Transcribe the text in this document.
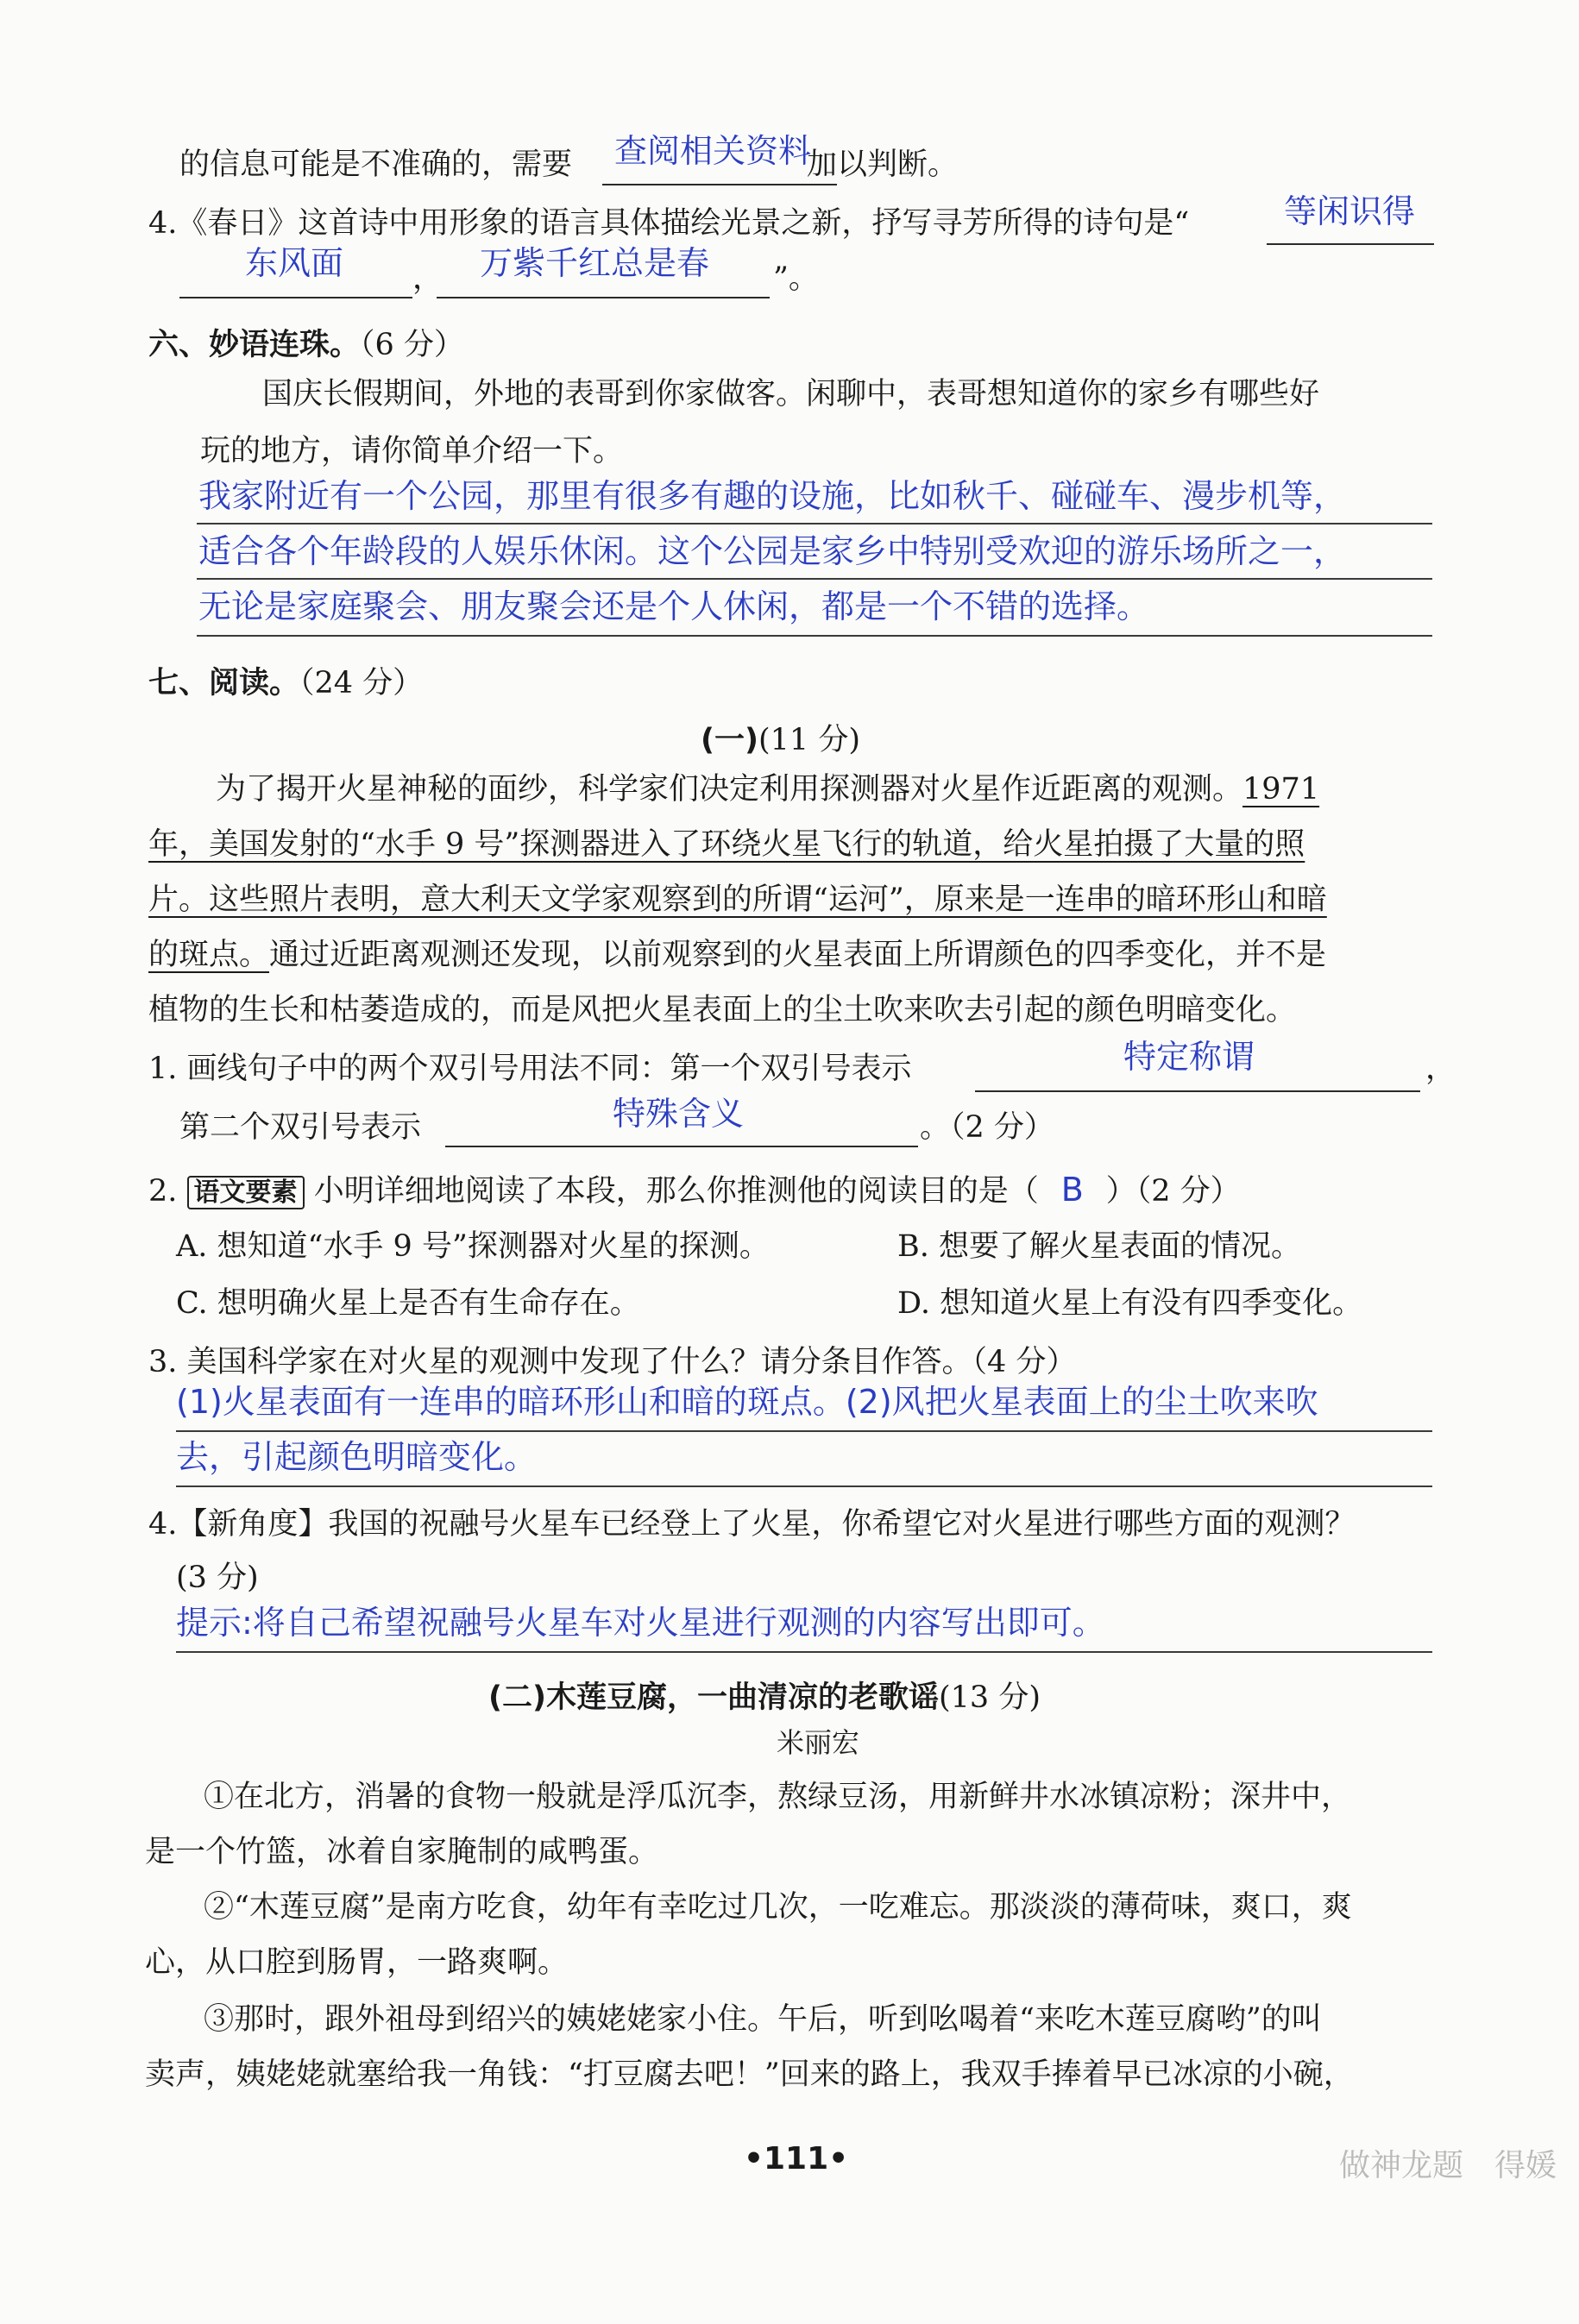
的信息可能是不准确的，需要	加以判断。
查阅相关资料
4.《春日》这首诗中用形象的语言具体描绘光景之新，抒写寻芳所得的诗句是“	等闲识得
东风面 ， 万紫千红总是春 ”。
六、妙语连珠。（6 分）
国庆长假期间，外地的表哥到你家做客。闲聊中，表哥想知道你的家乡有哪些好
玩的地方，请你简单介绍一下。
我家附近有一个公园，那里有很多有趣的设施，比如秋千、碰碰车、漫步机等，
适合各个年龄段的人娱乐休闲。这个公园是家乡中特别受欢迎的游乐场所之一，
无论是家庭聚会、朋友聚会还是个人休闲，都是一个不错的选择。
七、阅读。（24 分）
(一)(11 分)
为了揭开火星神秘的面纱，科学家们决定利用探测器对火星作近距离的观测。1971
年，美国发射的“水手 9 号”探测器进入了环绕火星飞行的轨道，给火星拍摄了大量的照
片。这些照片表明，意大利天文学家观察到的所谓“运河”，原来是一连串的暗环形山和暗
的斑点。通过近距离观测还发现，以前观察到的火星表面上所谓颜色的四季变化，并不是
植物的生长和枯萎造成的，而是风把火星表面上的尘土吹来吹去引起的颜色明暗变化。
1. 画线句子中的两个双引号用法不同：第一个双引号表示	特定称谓	，
第二个双引号表示	特殊含义	。（2 分）
2. 语文要素 小明详细地阅读了本段，那么你推测他的阅读目的是（ B ）（2 分）
A. 想知道“水手 9 号”探测器对火星的探测。	B. 想要了解火星表面的情况。
C. 想明确火星上是否有生命存在。	D. 想知道火星上有没有四季变化。
3. 美国科学家在对火星的观测中发现了什么？请分条目作答。（4 分）
(1)火星表面有一连串的暗环形山和暗的斑点。(2)风把火星表面上的尘土吹来吹
去，引起颜色明暗变化。
4.【新角度】我国的祝融号火星车已经登上了火星，你希望它对火星进行哪些方面的观测？
(3 分)
提示:将自己希望祝融号火星车对火星进行观测的内容写出即可。
(二)木莲豆腐，一曲清凉的老歌谣(13 分)
米丽宏
①在北方，消暑的食物一般就是浮瓜沉李，熬绿豆汤，用新鲜井水冰镇凉粉；深井中，
是一个竹篮，冰着自家腌制的咸鸭蛋。
②“木莲豆腐”是南方吃食，幼年有幸吃过几次，一吃难忘。那淡淡的薄荷味，爽口，爽
心，从口腔到肠胃，一路爽啊。
③那时，跟外祖母到绍兴的姨姥姥家小住。午后，听到吆喝着“来吃木莲豆腐哟”的叫
卖声，姨姥姥就塞给我一角钱：“打豆腐去吧！”回来的路上，我双手捧着早已冰凉的小碗，
•111•	做神龙题　得媛
